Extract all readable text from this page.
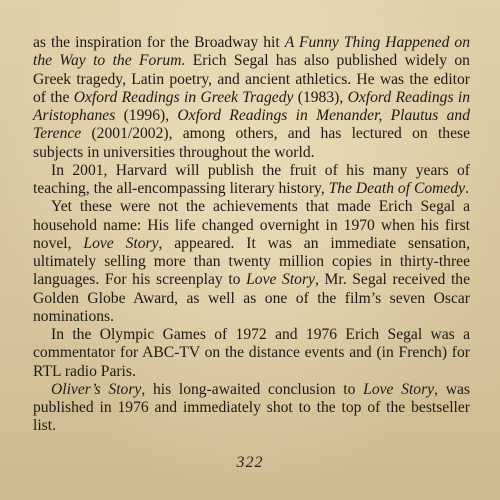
as the inspiration for the Broadway hit A Funny Thing Happened on the Way to the Forum. Erich Segal has also published widely on Greek tragedy, Latin poetry, and ancient athletics. He was the editor of the Oxford Readings in Greek Tragedy (1983), Oxford Readings in Aristophanes (1996), Oxford Readings in Menander, Plautus and Terence (2001/2002), among others, and has lectured on these subjects in universities throughout the world.

In 2001, Harvard will publish the fruit of his many years of teaching, the all-encompassing literary history, The Death of Comedy.

Yet these were not the achievements that made Erich Segal a household name: His life changed overnight in 1970 when his first novel, Love Story, appeared. It was an immediate sensation, ultimately selling more than twenty million copies in thirty-three languages. For his screenplay to Love Story, Mr. Segal received the Golden Globe Award, as well as one of the film’s seven Oscar nominations.

In the Olympic Games of 1972 and 1976 Erich Segal was a commentator for ABC-TV on the distance events and (in French) for RTL radio Paris.

Oliver’s Story, his long-awaited conclusion to Love Story, was published in 1976 and immediately shot to the top of the bestseller list.

322
